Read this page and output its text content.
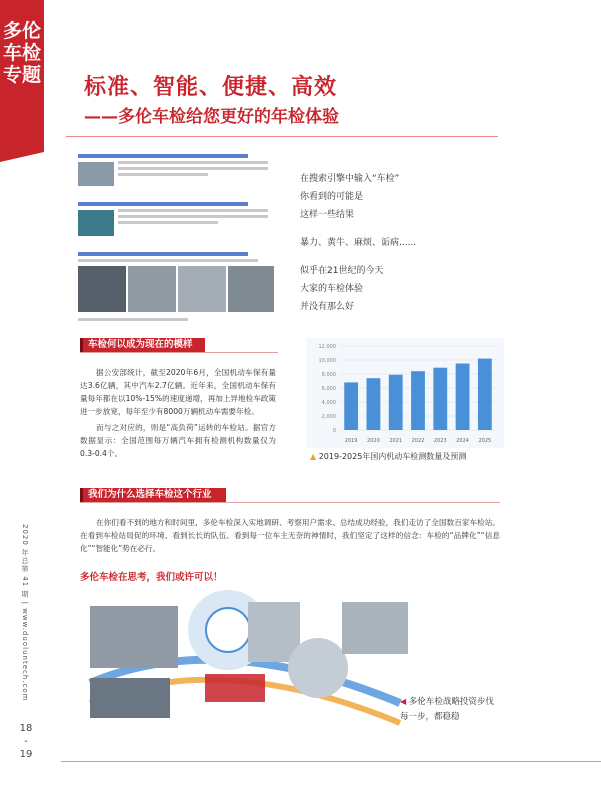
多伦车检专题 标准、智能、便捷、高效
——多伦车检给您更好的年检体验

在搜索引擎中输入“车检”

你看到的可能是

这样一些结果

暴力、黄牛、麻烦、诟病......

似乎在21世纪的今天

大家的车检体验

并没有那么好

车检何以成为现在的模样

据公安部统计，截至2020年6月，全国机动车保有量达3.6亿辆，其中汽车2.7亿辆。近年来，全国机动车保有量每年都在以10%-15%的速度递增，再加上异地检车政策进一步放宽，每年至少有8000万辆机动车需要年检。

而与之对应的，则是“高负荷”运转的车检站。据官方数据显示：全国范围每万辆汽车拥有检测机构数量仅为0.3-0.4个。

0
2,000
4,000
6,000
8,000
10,000
12,000
2019 2020 2021 2022 2023 2024 2025
▲ 2019-2025年国内机动车检测数量及预测
我们为什么选择车检这个行业

在你们看不到的地方和时间里，多伦车检深入实地调研、考察用户需求、总结成功经验，我们走访了全国数百家车检站。在看到车检站局促的环境、看到长长的队伍、看到每一位车主无奈的神情时，我们坚定了这样的信念：车检的“品牌化”“信息化”“智能化”势在必行。

多伦车检在思考，我们或许可以！

◀ 多伦车检战略投资步伐

每一步，都稳稳

2020 年总第 41 期 | www.duoluntech.com
18
-
19
